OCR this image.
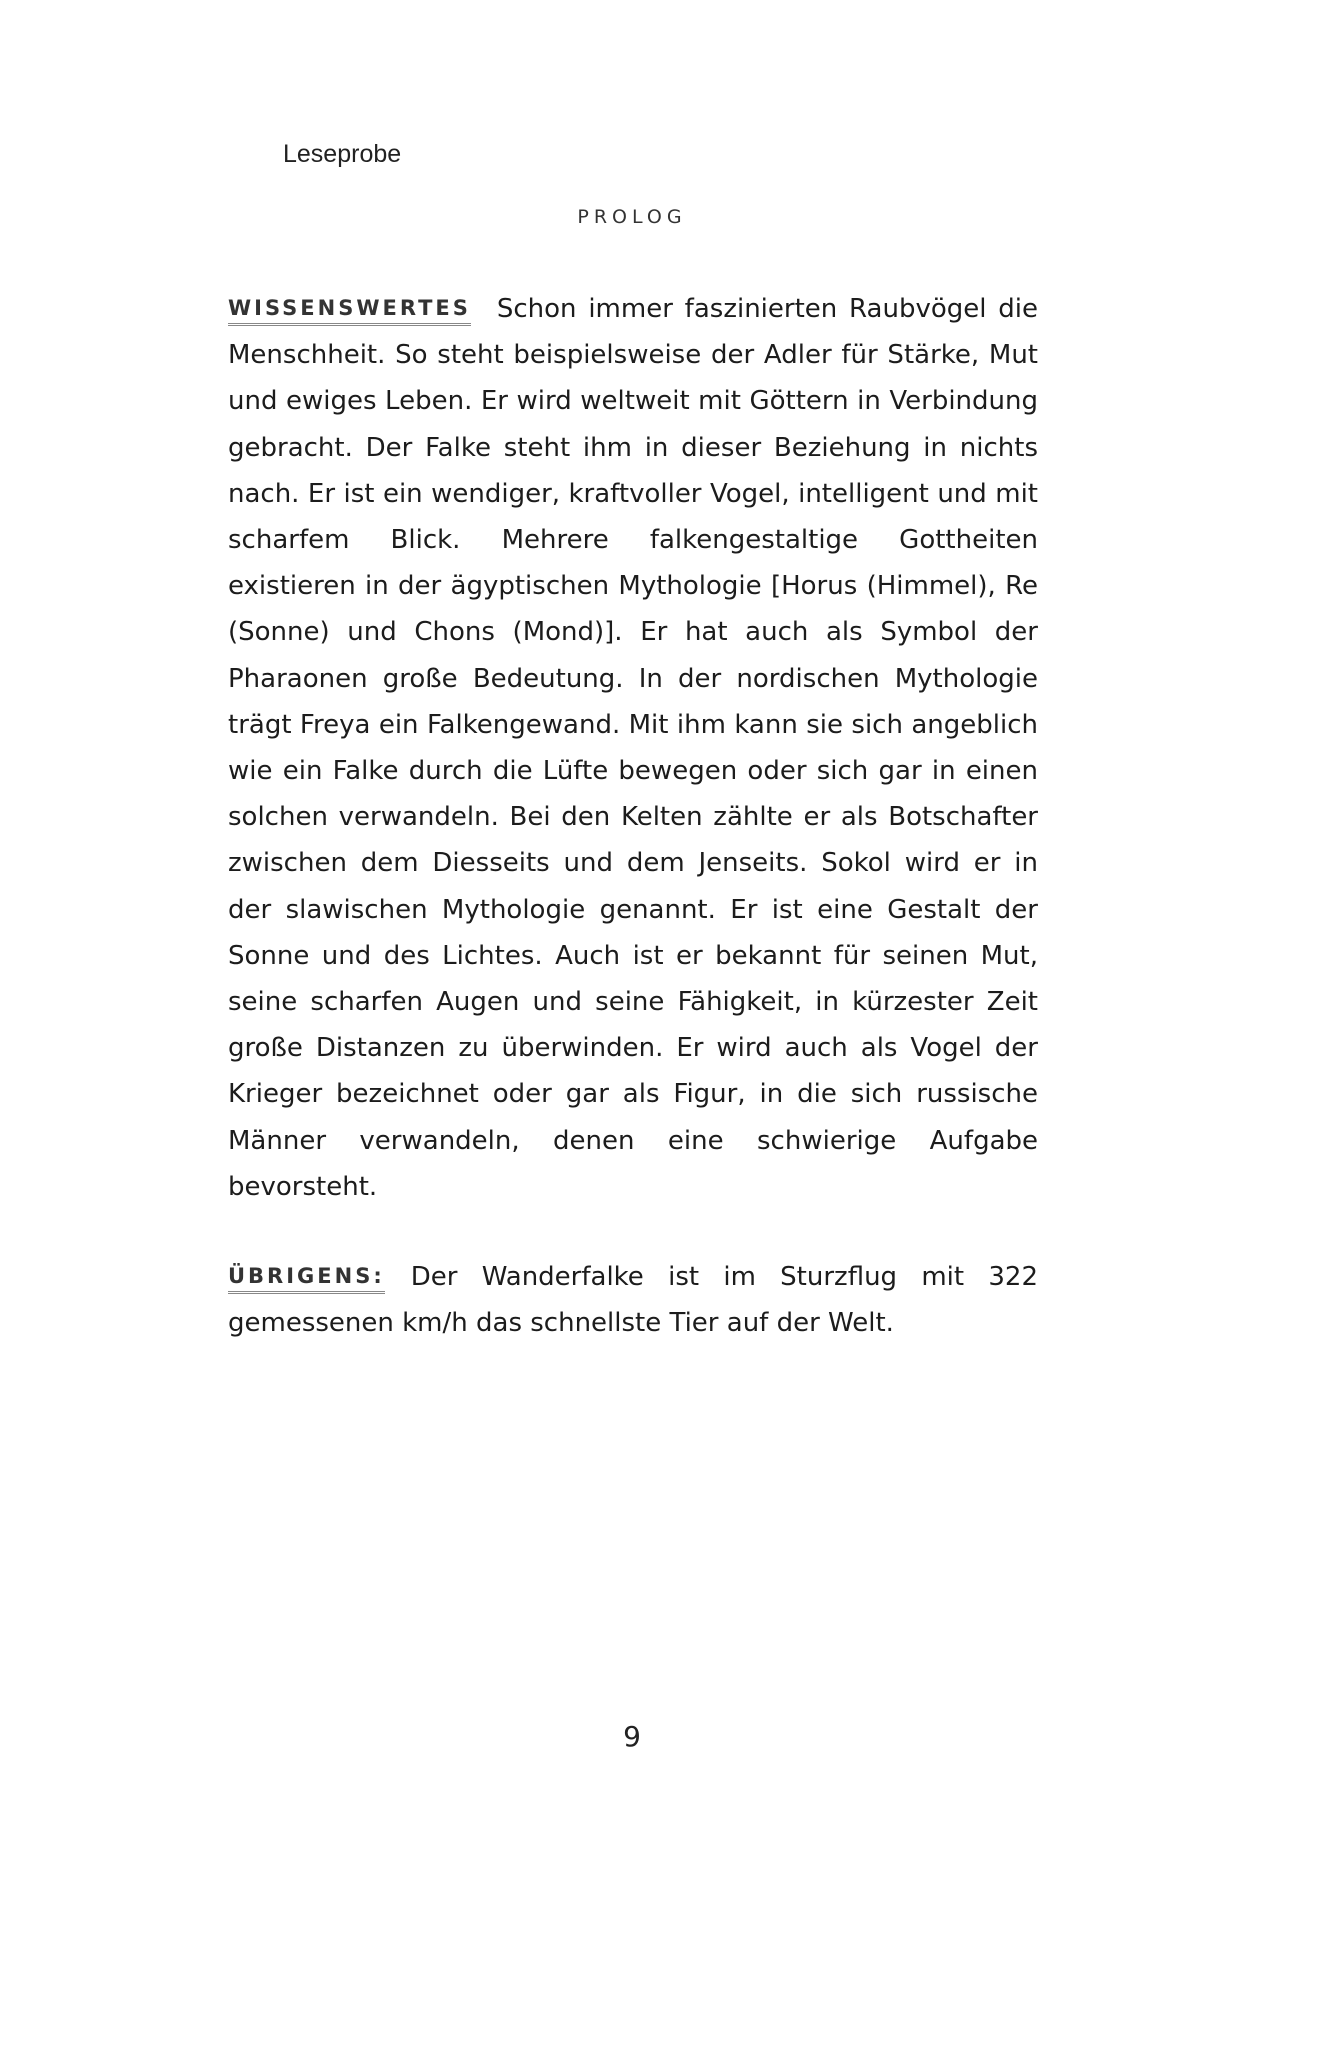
Leseprobe
PROLOG
WISSENSWERTES Schon immer faszinierten Raubvögel die Menschheit. So steht beispielsweise der Adler für Stärke, Mut und ewiges Leben. Er wird weltweit mit Göttern in Verbindung gebracht. Der Falke steht ihm in dieser Beziehung in nichts nach. Er ist ein wendiger, kraftvoller Vogel, intelligent und mit scharfem Blick. Mehrere falkengestaltige Gottheiten existieren in der ägyptischen Mythologie [Horus (Himmel), Re (Sonne) und Chons (Mond)]. Er hat auch als Symbol der Pharaonen große Bedeutung. In der nordischen Mythologie trägt Freya ein Falkengewand. Mit ihm kann sie sich angeblich wie ein Falke durch die Lüfte bewegen oder sich gar in einen solchen verwandeln. Bei den Kelten zählte er als Botschafter zwischen dem Diesseits und dem Jenseits. Sokol wird er in der slawischen Mythologie genannt. Er ist eine Gestalt der Sonne und des Lichtes. Auch ist er bekannt für seinen Mut, seine scharfen Augen und seine Fähigkeit, in kürzester Zeit große Distanzen zu überwinden. Er wird auch als Vogel der Krieger bezeichnet oder gar als Figur, in die sich russische Männer verwandeln, denen eine schwierige Aufgabe bevorsteht.
ÜBRIGENS: Der Wanderfalke ist im Sturzflug mit 322 gemessenen km/h das schnellste Tier auf der Welt.
9
